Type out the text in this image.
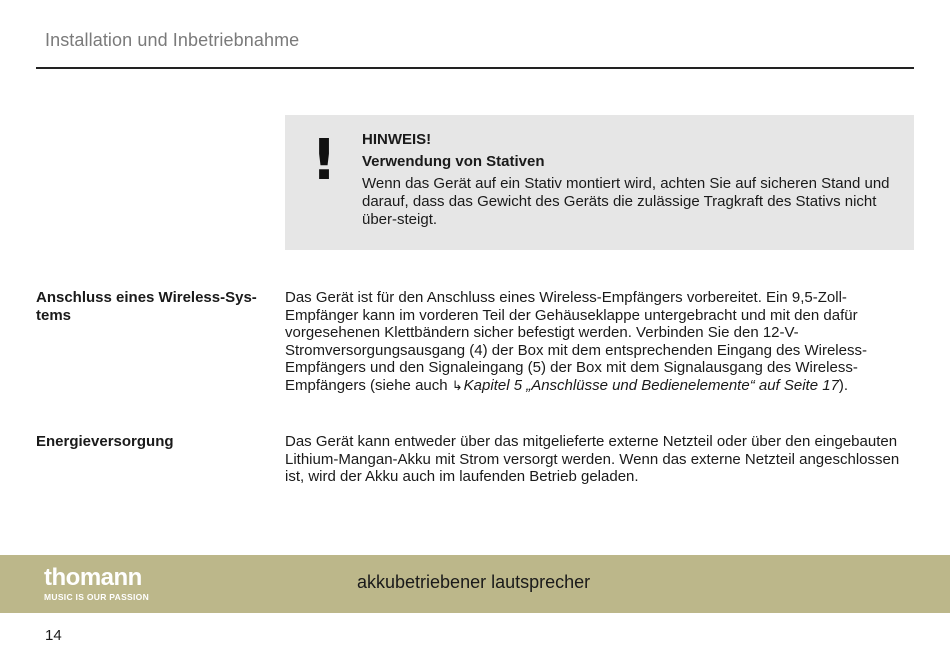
Installation und Inbetriebnahme
! HINWEIS!
Verwendung von Stativen
Wenn das Gerät auf ein Stativ montiert wird, achten Sie auf sicheren Stand und darauf, dass das Gewicht des Geräts die zulässige Tragkraft des Stativs nicht über-steigt.
Anschluss eines Wireless-Sys-tems
Das Gerät ist für den Anschluss eines Wireless-Empfängers vorbereitet. Ein 9,5-Zoll-Empfänger kann im vorderen Teil der Gehäuseklappe untergebracht und mit den dafür vorgesehenen Klettbändern sicher befestigt werden. Verbinden Sie den 12-V-Stromversorgungsausgang (4) der Box mit dem entsprechenden Eingang des Wireless-Empfängers und den Signaleingang (5) der Box mit dem Signalausgang des Wireless-Empfängers (siehe auch ↳Kapitel 5 „Anschlüsse und Bedienelemente“ auf Seite 17).
Energieversorgung	Das Gerät kann entweder über das mitgelieferte externe Netzteil oder über den eingebauten Lithium-Mangan-Akku mit Strom versorgt werden. Wenn das externe Netzteil angeschlossen ist, wird der Akku auch im laufenden Betrieb geladen.
thomann
MUSIC IS OUR PASSION
akkubetriebener lautsprecher
14
